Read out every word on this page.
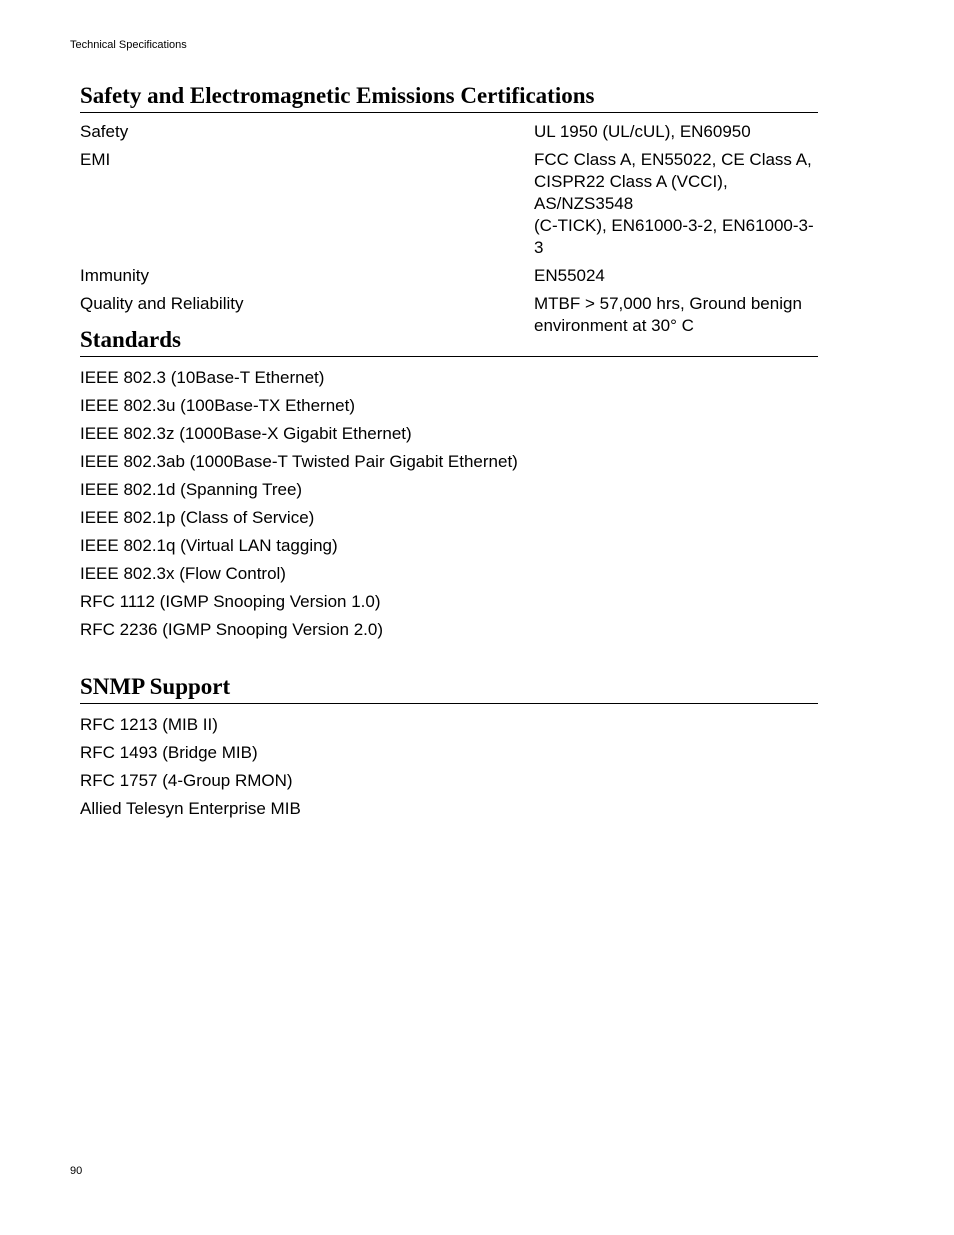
Technical Specifications
Safety and Electromagnetic Emissions Certifications
Safety	UL 1950 (UL/cUL), EN60950
EMI	FCC Class A, EN55022, CE Class A,
CISPR22 Class A (VCCI), AS/NZS3548
(C-TICK), EN61000-3-2, EN61000-3-3
Immunity	EN55024
Quality and Reliability	MTBF > 57,000 hrs, Ground benign
environment at 30° C
Standards
IEEE 802.3 (10Base-T Ethernet)
IEEE 802.3u (100Base-TX Ethernet)
IEEE 802.3z (1000Base-X Gigabit Ethernet)
IEEE 802.3ab (1000Base-T Twisted Pair Gigabit Ethernet)
IEEE 802.1d (Spanning Tree)
IEEE 802.1p (Class of Service)
IEEE 802.1q (Virtual LAN tagging)
IEEE 802.3x (Flow Control)
RFC 1112 (IGMP Snooping Version 1.0)
RFC 2236 (IGMP Snooping Version 2.0)
SNMP Support
RFC 1213 (MIB II)
RFC 1493 (Bridge MIB)
RFC 1757 (4-Group RMON)
Allied Telesyn Enterprise MIB
90
